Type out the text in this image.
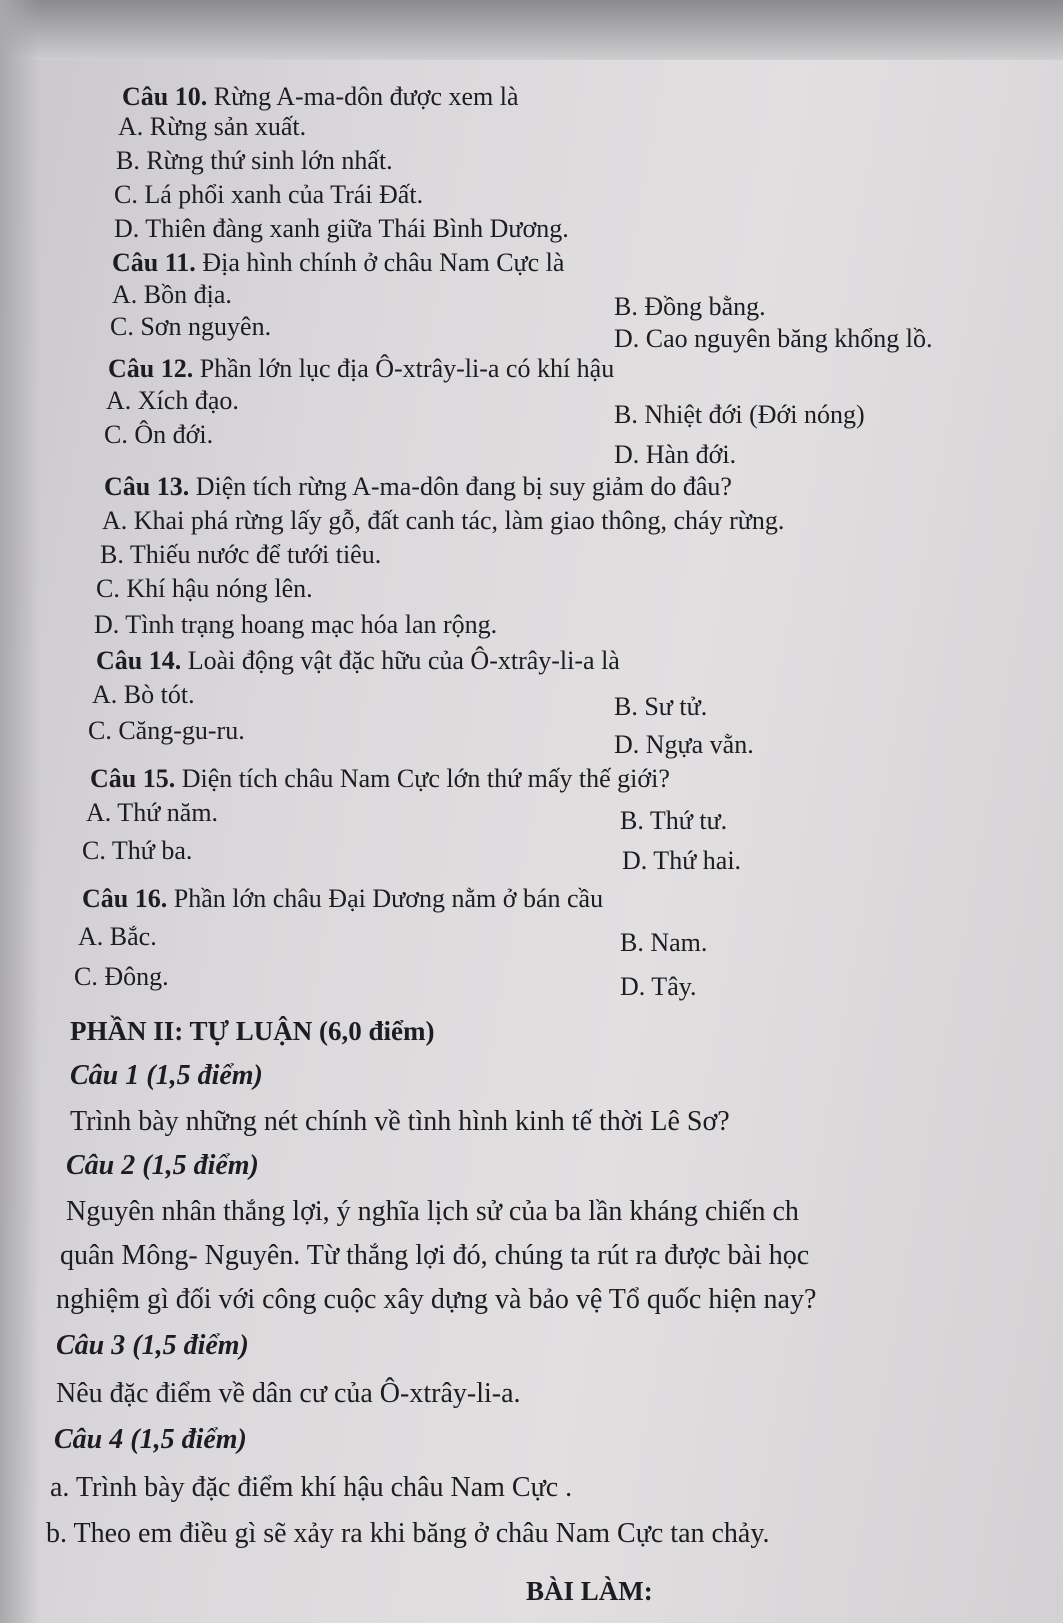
Câu 10. Rừng A-ma-dôn được xem là
A. Rừng sản xuất.
B. Rừng thứ sinh lớn nhất.
C. Lá phổi xanh của Trái Đất.
D. Thiên đàng xanh giữa Thái Bình Dương.
Câu 11. Địa hình chính ở châu Nam Cực là
A. Bồn địa.	B. Đồng bằng.
C. Sơn nguyên.	D. Cao nguyên băng khổng lồ.
Câu 12. Phần lớn lục địa Ô-xtrây-li-a có khí hậu
A. Xích đạo.	B. Nhiệt đới (Đới nóng)
C. Ôn đới.
D. Hàn đới.
Câu 13. Diện tích rừng A-ma-dôn đang bị suy giảm do đâu?
A. Khai phá rừng lấy gỗ, đất canh tác, làm giao thông, cháy rừng.
B. Thiếu nước để tưới tiêu.
C. Khí hậu nóng lên.
D. Tình trạng hoang mạc hóa lan rộng.
Câu 14. Loài động vật đặc hữu của Ô-xtrây-li-a là
A. Bò tót.	B. Sư tử.
C. Căng-gu-ru.	D. Ngựa vằn.
Câu 15. Diện tích châu Nam Cực lớn thứ mấy thế giới?
A. Thứ năm.	B. Thứ tư.
C. Thứ ba.	D. Thứ hai.
Câu 16. Phần lớn châu Đại Dương nằm ở bán cầu
A. Bắc.	B. Nam.
C. Đông.	D. Tây.
PHẦN II: TỰ LUẬN (6,0 điểm)
Câu 1 (1,5 điểm)
Trình bày những nét chính về tình hình kinh tế thời Lê Sơ?
Câu 2 (1,5 điểm)
Nguyên nhân thắng lợi, ý nghĩa lịch sử của ba lần kháng chiến ch
quân Mông- Nguyên. Từ thắng lợi đó, chúng ta rút ra được bài học
nghiệm gì đối với công cuộc xây dựng và bảo vệ Tổ quốc hiện nay?
Câu 3 (1,5 điểm)
Nêu đặc điểm về dân cư của Ô-xtrây-li-a.
Câu 4 (1,5 điểm)
a. Trình bày đặc điểm khí hậu châu Nam Cực .
b. Theo em điều gì sẽ xảy ra khi băng ở châu Nam Cực tan chảy.
BÀI LÀM:
